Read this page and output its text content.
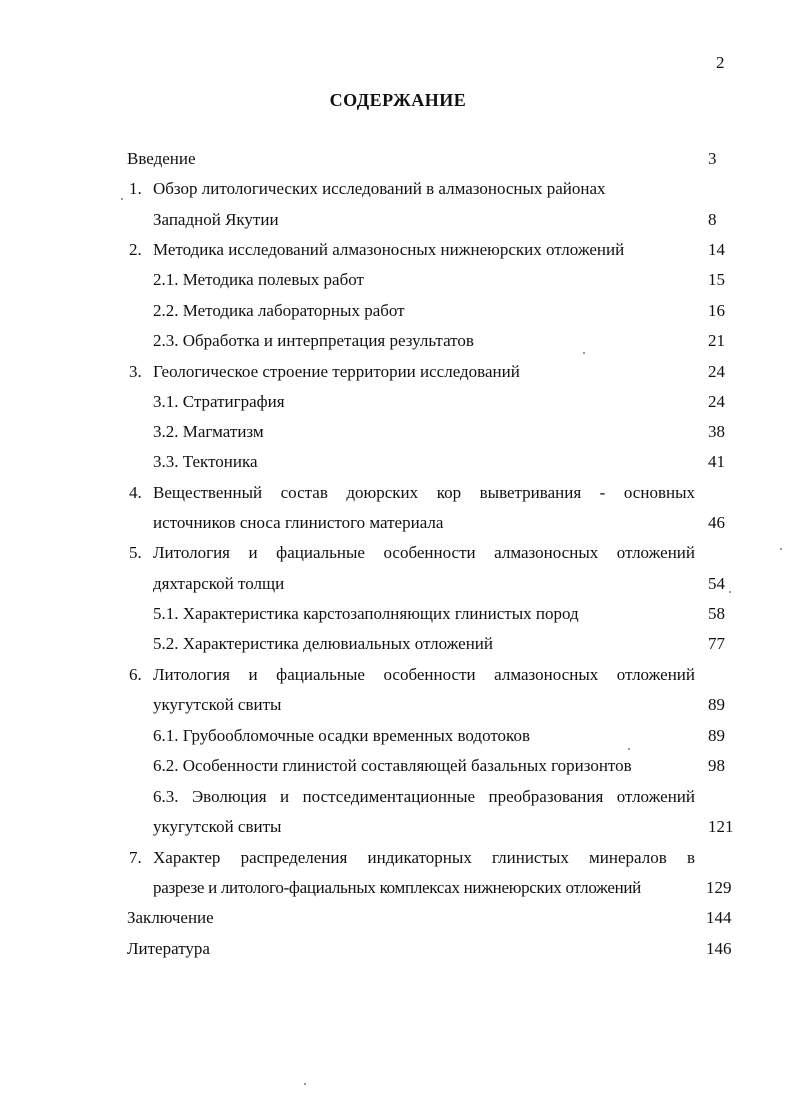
2
СОДЕРЖАНИЕ
Введение	3
1. Обзор литологических исследований в алмазоносных районах
Западной Якутии	8
2. Методика исследований алмазоносных нижнеюрских отложений	14
2.1. Методика полевых работ	15
2.2. Методика лабораторных работ	16
2.3. Обработка и интерпретация результатов	21
3. Геологическое строение территории исследований	24
3.1. Стратиграфия	24
3.2. Магматизм	38
3.3. Тектоника	41
4. Вещественный состав доюрских кор выветривания - основных
источников сноса глинистого материала	46
5. Литология и фациальные особенности алмазоносных отложений
дяхтарской толщи	54
5.1. Характеристика карстозаполняющих глинистых пород	58
5.2. Характеристика делювиальных отложений	77
6. Литология и фациальные особенности алмазоносных отложений
укугутской свиты	89
6.1. Грубообломочные осадки временных водотоков	89
6.2. Особенности глинистой составляющей базальных горизонтов	98
6.3. Эволюция и постседиментационные преобразования отложений
укугутской свиты	121
7. Характер распределения индикаторных глинистых минералов в
разрезе и литолого-фациальных комплексах нижнеюрских отложений	129
Заключение	144
Литература	146
